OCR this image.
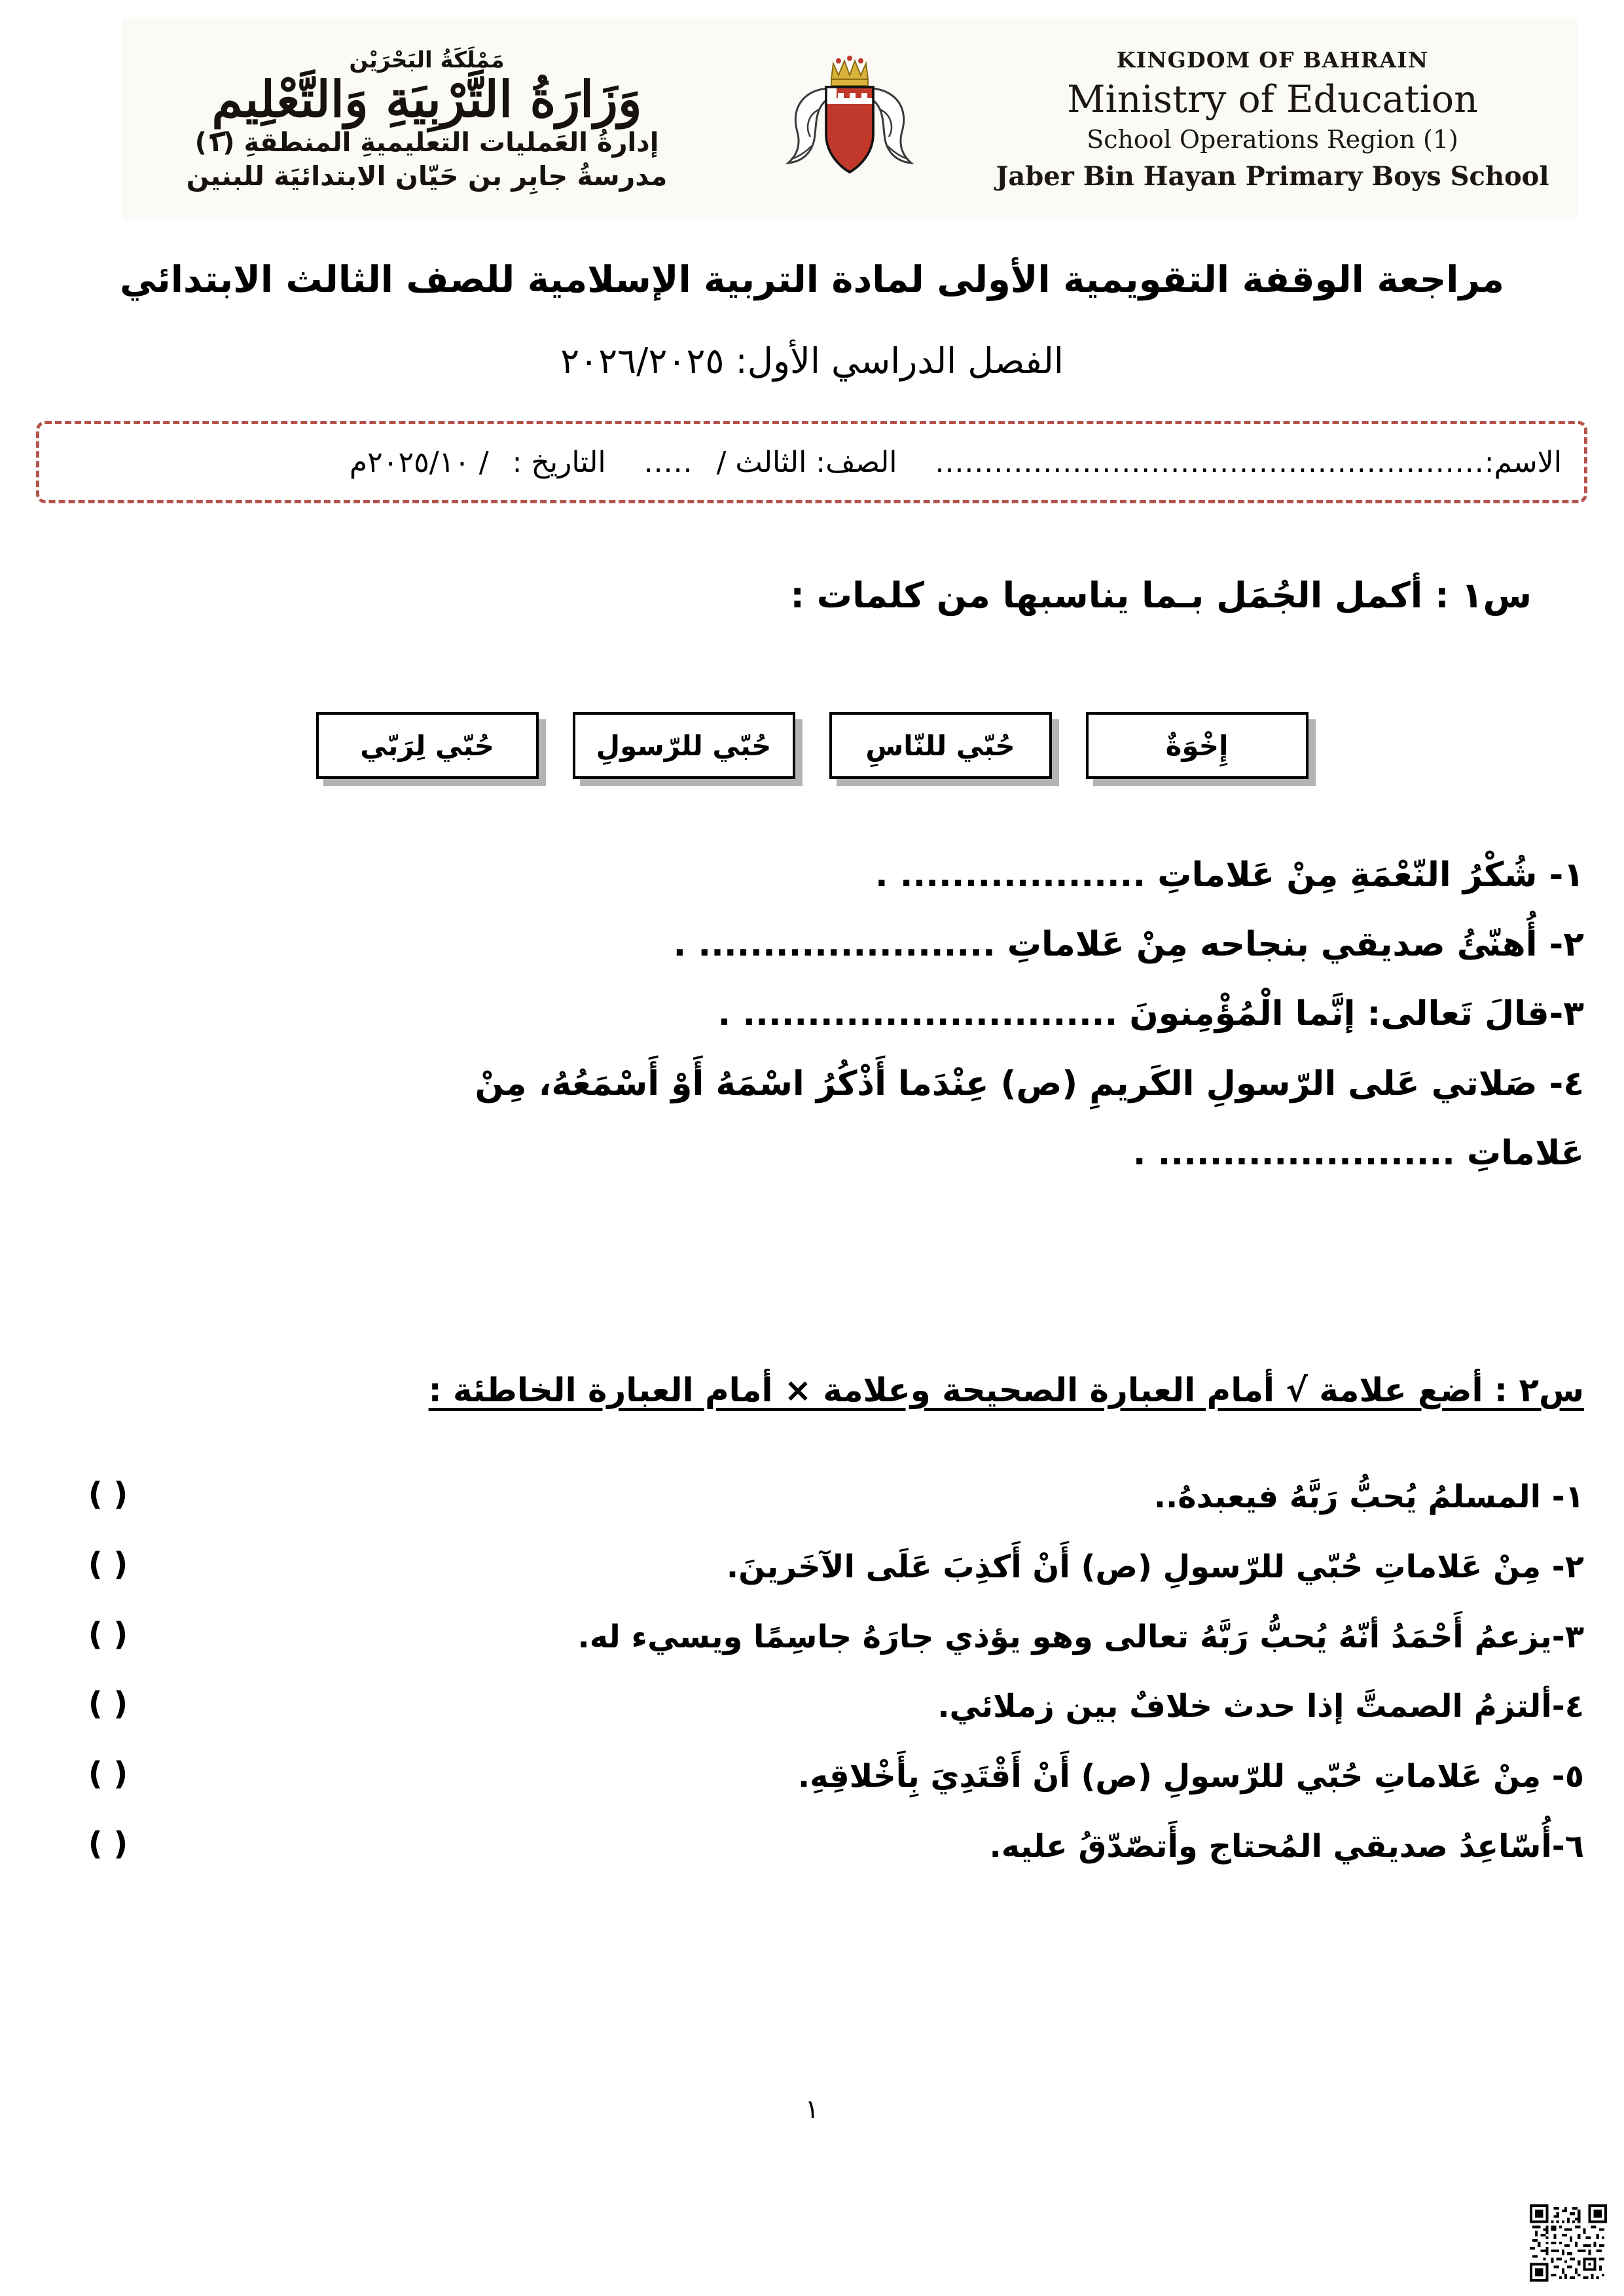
مَمْلَكَةُ البَحْرَيْن
وَزَارَةُ التَّرْبِيَةِ وَالتَّعْلِيمِ
إدارةُ العَمليات التعليميةِ المنطقةِ (١)
مدرسةُ جابِر بن حَيّان الابتدائيَة للبنين
KINGDOM OF BAHRAIN
Ministry of Education
School Operations Region (1)
Jaber Bin Hayan Primary Boys School
مراجعة الوقفة التقويمية الأولى لمادة التربية الإسلامية للصف الثالث الابتدائي
الفصل الدراسي الأول: ٢٠٢٦/٢٠٢٥
الاسم:
........................................................
الصف: الثالث /
.....
التاريخ :
/ ٢٠٢٥/١٠م
س١ : أكمل الجُمَل بـما يناسبها من كلمات :
إِخْوَةٌ
حُبّي للنّاسِ
حُبّي للرّسولِ
حُبّي لِرَبّي
١- شُكْرُ النّعْمَةِ مِنْ عَلاماتِ ................... .
٢- أُهنّئُ صديقي بنجاحه مِنْ عَلاماتِ ....................... .
٣-قالَ تَعالى: إنَّما الْمُؤْمِنونَ ............................. .
٤- صَلاتي عَلى الرّسولِ الكَريمِ (ص) عِنْدَما أَذْكُرُ اسْمَهُ أَوْ أَسْمَعُهُ، مِنْ
عَلاماتِ ....................... .
س٢ : أضع علامة √ أمام العبارة الصحيحة وعلامة × أمام العبارة الخاطئة :
١- المسلمُ يُحبُّ رَبَّهُ فيعبدهُ..
( )
٢- مِنْ عَلاماتِ حُبّي للرّسولِ (ص) أَنْ أَكذِبَ عَلَى الآخَرينَ.
( )
٣-يزعمُ أَحْمَدُ أنّهُ يُحبُّ رَبَّهُ تعالى وهو يؤذي جارَهُ جاسِمًا ويسيء له.
( )
٤-ألتزمُ الصمتَّ إذا حدث خلافٌ بين زملائي.
( )
٥- مِنْ عَلاماتِ حُبّي للرّسولِ (ص) أَنْ أَقْتَدِيَ بِأَخْلاقِهِ.
( )
٦-أُسّاعِدُ صديقي المُحتاج وأَتصّدّقُ عليه.
( )
١
